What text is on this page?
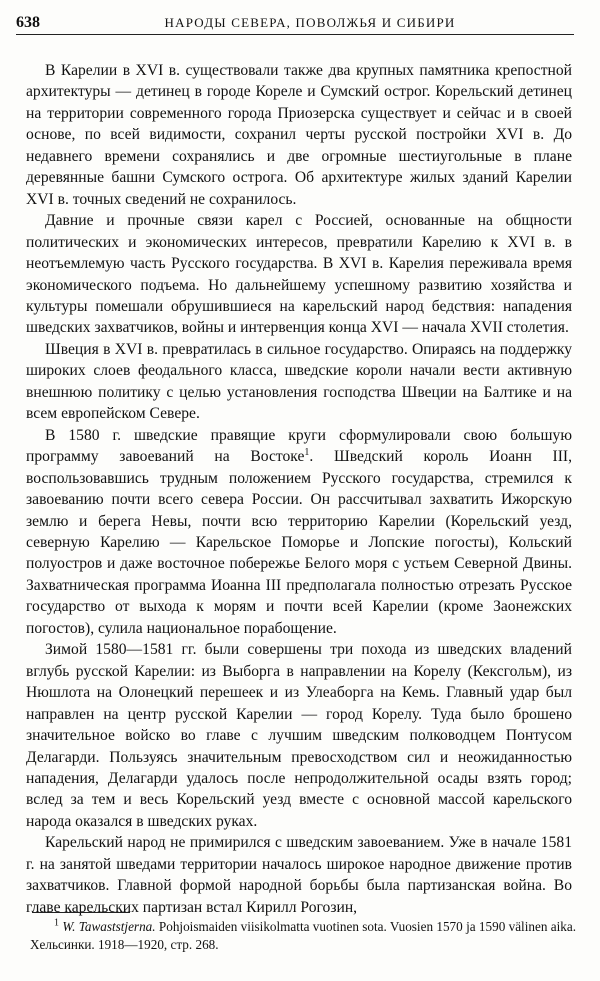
638	НАРОДЫ СЕВЕРА, ПОВОЛЖЬЯ И СИБИРИ

В Карелии в XVI в. существовали также два крупных памятника крепостной архитектуры — детинец в городе Кореле и Сумский острог. Корельский детинец на территории современного города Приозерска существует и сейчас и в своей основе, по всей видимости, сохранил черты русской постройки XVI в. До недавнего времени сохранялись и две огромные шестиугольные в плане деревянные башни Сумского острога. Об архитектуре жилых зданий Карелии XVI в. точных сведений не сохранилось.

Давние и прочные связи карел с Россией, основанные на общности политических и экономических интересов, превратили Карелию к XVI в. в неотъемлемую часть Русского государства. В XVI в. Карелия переживала время экономического подъема. Но дальнейшему успешному развитию хозяйства и культуры помешали обрушившиеся на карельский народ бедствия: нападения шведских захватчиков, войны и интервенция конца XVI — начала XVII столетия.

Швеция в XVI в. превратилась в сильное государство. Опираясь на поддержку широких слоев феодального класса, шведские короли начали вести активную внешнюю политику с целью установления господства Швеции на Балтике и на всем европейском Севере.

В 1580 г. шведские правящие круги сформулировали свою большую программу завоеваний на Востоке$^1$. Шведский король Иоанн III, воспользовавшись трудным положением Русского государства, стремился к завоеванию почти всего севера России. Он рассчитывал захватить Ижорскую землю и берега Невы, почти всю территорию Карелии (Корельский уезд, северную Карелию — Карельское Поморье и Лопские погосты), Кольский полуостров и даже восточное побережье Белого моря с устьем Северной Двины. Захватническая программа Иоанна III предполагала полностью отрезать Русское государство от выхода к морям и почти всей Карелии (кроме Заонежских погостов), сулила национальное порабощение.

Зимой 1580—1581 гг. были совершены три похода из шведских владений вглубь русской Карелии: из Выборга в направлении на Корелу (Кексгольм), из Нюшлота на Олонецкий перешеек и из Улеаборга на Кемь. Главный удар был направлен на центр русской Карелии — город Корелу. Туда было брошено значительное войско во главе с лучшим шведским полководцем Понтусом Делагарди. Пользуясь значительным превосходством сил и неожиданностью нападения, Делагарди удалось после непродолжительной осады взять город; вслед за тем и весь Корельский уезд вместе с основной массой карельского народа оказался в шведских руках.

Карельский народ не примирился с шведским завоеванием. Уже в начале 1581 г. на занятой шведами территории началось широкое народное движение против захватчиков. Главной формой народной борьбы была партизанская война. Во главе карельских партизан встал Кирилл Рогозин,

$^1$ W. Tawaststjerna. Pohjoismaiden viisikolmatta vuotinen sota. Vuosien 1570 ja 1590 välinen aika. Хельсинки. 1918—1920, стр. 268.
